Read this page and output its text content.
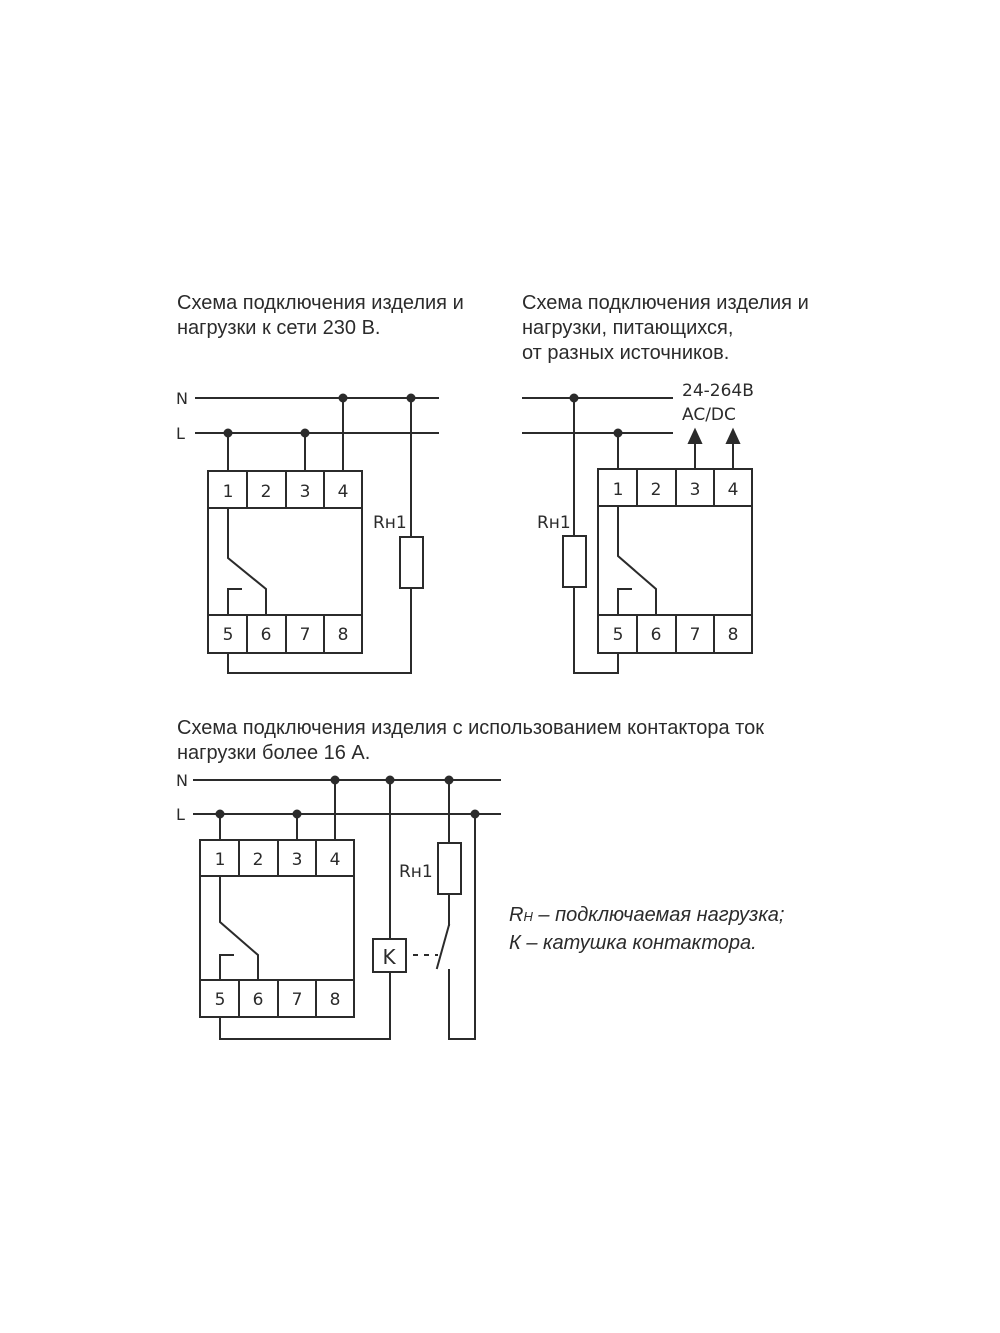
Схема подключения изделия и
нагрузки к сети 230 В.
Схема подключения изделия и
нагрузки, питающихся,
от разных источников.
Схема подключения изделия с использованием контактора ток
нагрузки более 16 А.
RН – подключаемая нагрузка;
К – катушка контактора.
N
L
1 2 3 4
5 6 7 8
Rн1
24-264В
AC/DC
1 2 3 4
5 6 7 8
Rн1
N
L
1 2 3 4
5 6 7 8
K
Rн1
